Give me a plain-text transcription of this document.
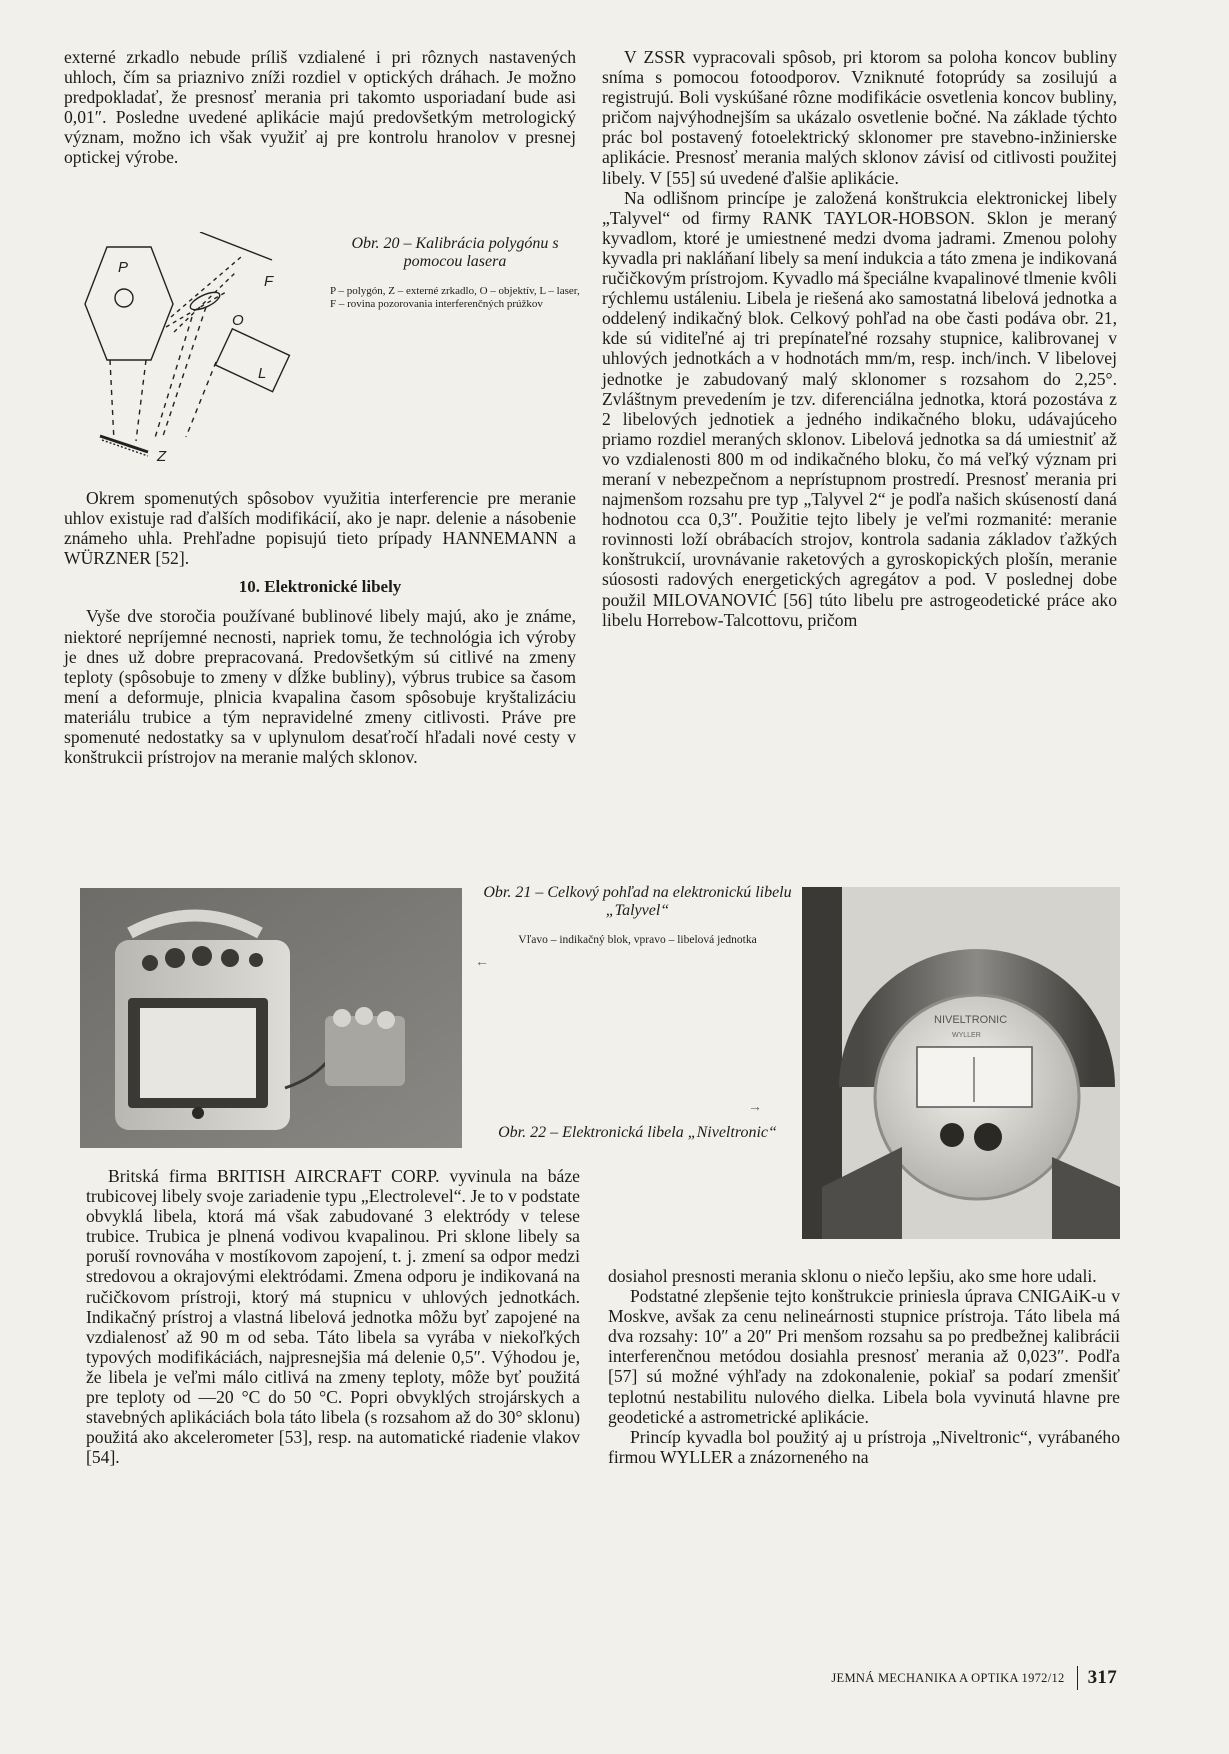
externé zrkadlo nebude príliš vzdialené i pri rôznych nastavených uhloch, čím sa priaznivo zníži rozdiel v optických dráhach. Je možno predpokladať, že presnosť merania pri takomto usporiadaní bude asi 0,01″. Posledne uvedené aplikácie majú predovšetkým metrologický význam, možno ich však využiť aj pre kontrolu hranolov v presnej optickej výrobe.

P
F
O
L
Z
Obr. 20 – Kalibrácia polygónu s pomocou lasera
P – polygón, Z – externé zrkadlo, O – objektív, L – laser, F – rovina pozorovania interferenčných prúžkov

Okrem spomenutých spôsobov využitia interferencie pre meranie uhlov existuje rad ďalších modifikácií, ako je napr. delenie a násobenie známeho uhla. Prehľadne popisujú tieto prípady HANNEMANN a WÜRZNER [52].

10. Elektronické libely

Vyše dve storočia používané bublinové libely majú, ako je známe, niektoré nepríjemné necnosti, napriek tomu, že technológia ich výroby je dnes už dobre prepracovaná. Predovšetkým sú citlivé na zmeny teploty (spôsobuje to zmeny v dĺžke bubliny), výbrus trubice sa časom mení a deformuje, plnicia kvapalina časom spôsobuje kryštalizáciu materiálu trubice a tým nepravidelné zmeny citlivosti. Práve pre spomenuté nedostatky sa v uplynulom desaťročí hľadali nové cesty v konštrukcii prístrojov na meranie malých sklonov.

V ZSSR vypracovali spôsob, pri ktorom sa poloha koncov bubliny sníma s pomocou fotoodporov. Vzniknuté fotoprúdy sa zosilujú a registrujú. Boli vyskúšané rôzne modifikácie osvetlenia koncov bubliny, pričom najvýhodnejším sa ukázalo osvetlenie bočné. Na základe týchto prác bol postavený fotoelektrický sklonomer pre stavebno-inžinierske aplikácie. Presnosť merania malých sklonov závisí od citlivosti použitej libely. V [55] sú uvedené ďalšie aplikácie.

Na odlišnom princípe je založená konštrukcia elektronickej libely „Talyvel“ od firmy RANK TAYLOR-HOBSON. Sklon je meraný kyvadlom, ktoré je umiestnené medzi dvoma jadrami. Zmenou polohy kyvadla pri nakláňaní libely sa mení indukcia a táto zmena je indikovaná ručičkovým prístrojom. Kyvadlo má špeciálne kvapalinové tlmenie kvôli rýchlemu ustáleniu. Libela je riešená ako samostatná libelová jednotka a oddelený indikačný blok. Celkový pohľad na obe časti podáva obr. 21, kde sú viditeľné aj tri prepínateľné rozsahy stupnice, kalibrovanej v uhlových jednotkách a v hodnotách mm/m, resp. inch/inch. V libelovej jednotke je zabudovaný malý sklonomer s rozsahom do 2,25°. Zvláštnym prevedením je tzv. diferenciálna jednotka, ktorá pozostáva z 2 libelových jednotiek a jedného indikačného bloku, udávajúceho priamo rozdiel meraných sklonov. Libelová jednotka sa dá umiestniť až vo vzdialenosti 800 m od indikačného bloku, čo má veľký význam pri meraní v nebezpečnom a neprístupnom prostredí. Presnosť merania pri najmenšom rozsahu pre typ „Talyvel 2“ je podľa našich skúseností daná hodnotou cca 0,3″. Použitie tejto libely je veľmi rozmanité: meranie rovinnosti loží obrábacích strojov, kontrola sadania základov ťažkých konštrukcií, urovnávanie raketových a gyroskopických plošín, meranie súososti radových energetických agregátov a pod. V poslednej dobe použil MILOVANOVIĆ [56] túto libelu pre astrogeodetické práce ako libelu Horrebow-Talcottovu, pričom

Obr. 21 – Celkový pohľad na elektronickú libelu „Talyvel“
Vľavo – indikačný blok, vpravo – libelová jednotka
←
→
Obr. 22 – Elektronická libela „Niveltronic“
NIVELTRONIC
WYLLER

Britská firma BRITISH AIRCRAFT CORP. vyvinula na báze trubicovej libely svoje zariadenie typu „Electrolevel“. Je to v podstate obvyklá libela, ktorá má však zabudované 3 elektródy v telese trubice. Trubica je plnená vodivou kvapalinou. Pri sklone libely sa poruší rovnováha v mostíkovom zapojení, t. j. zmení sa odpor medzi stredovou a okrajovými elektródami. Zmena odporu je indikovaná na ručičkovom prístroji, ktorý má stupnicu v uhlových jednotkách. Indikačný prístroj a vlastná libelová jednotka môžu byť zapojené na vzdialenosť až 90 m od seba. Táto libela sa vyrába v niekoľkých typových modifikáciách, najpresnejšia má delenie 0,5″. Výhodou je, že libela je veľmi málo citlivá na zmeny teploty, môže byť použitá pre teploty od —20 °C do 50 °C. Popri obvyklých strojárskych a stavebných aplikáciách bola táto libela (s rozsahom až do 30° sklonu) použitá ako akcelerometer [53], resp. na automatické riadenie vlakov [54].

dosiahol presnosti merania sklonu o niečo lepšiu, ako sme hore udali.

Podstatné zlepšenie tejto konštrukcie priniesla úprava CNIGAiK-u v Moskve, avšak za cenu nelineárnosti stupnice prístroja. Táto libela má dva rozsahy: 10″ a 20″ Pri menšom rozsahu sa po predbežnej kalibrácii interferenčnou metódou dosiahla presnosť merania až 0,023″. Podľa [57] sú možné výhľady na zdokonalenie, pokiaľ sa podarí zmenšiť teplotnú nestabilitu nulového dielka. Libela bola vyvinutá hlavne pre geodetické a astrometrické aplikácie.

Princíp kyvadla bol použitý aj u prístroja „Niveltronic“, vyrábaného firmou WYLLER a znázorneného na

JEMNÁ MECHANIKA A OPTIKA 1972/12 317
